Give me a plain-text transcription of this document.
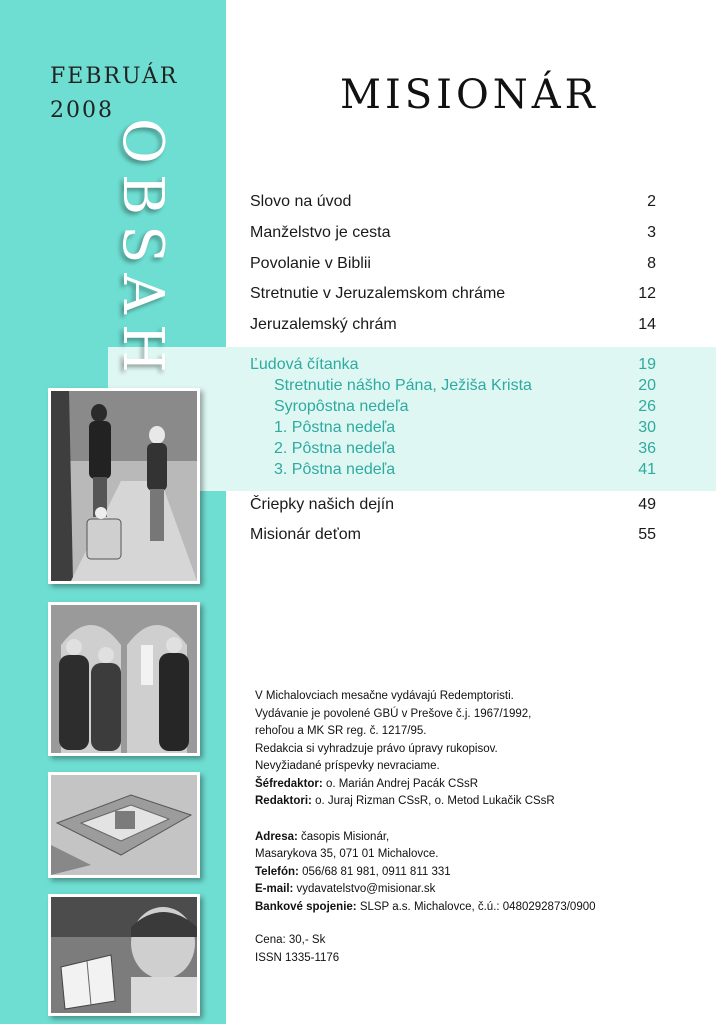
FEBRUÁR
2008
OBSAH
MISIONÁR
Slovo na úvod	2
Manželstvo je cesta	3
Povolanie v Biblii	8
Stretnutie v Jeruzalemskom chráme	12
Jeruzalemský chrám	14
Ľudová čítanka	19
Stretnutie nášho Pána, Ježiša Krista	20
Syropôstna nedeľa	26
1. Pôstna nedeľa	30
2. Pôstna nedeľa	36
3. Pôstna nedeľa	41
Čriepky našich dejín	49
Misionár deťom	55
V Michalovciach mesačne vydávajú Redemptoristi.
Vydávanie je povolené GBÚ v Prešove č.j. 1967/1992,
rehoľou a MK SR reg. č. 1217/95.
Redakcia si vyhradzuje právo úpravy rukopisov.
Nevyžiadané príspevky nevraciame.
Šéfredaktor: o. Marián Andrej Pacák CSsR
Redaktori: o. Juraj Rizman CSsR, o. Metod Lukačik CSsR
Adresa: časopis Misionár,
Masarykova 35, 071 01 Michalovce.
Telefón: 056/68 81 981, 0911 811 331
E-mail: vydavatelstvo@misionar.sk
Bankové spojenie: SLSP a.s. Michalovce, č.ú.: 0480292873/0900
Cena: 30,- Sk
ISSN 1335-1176
